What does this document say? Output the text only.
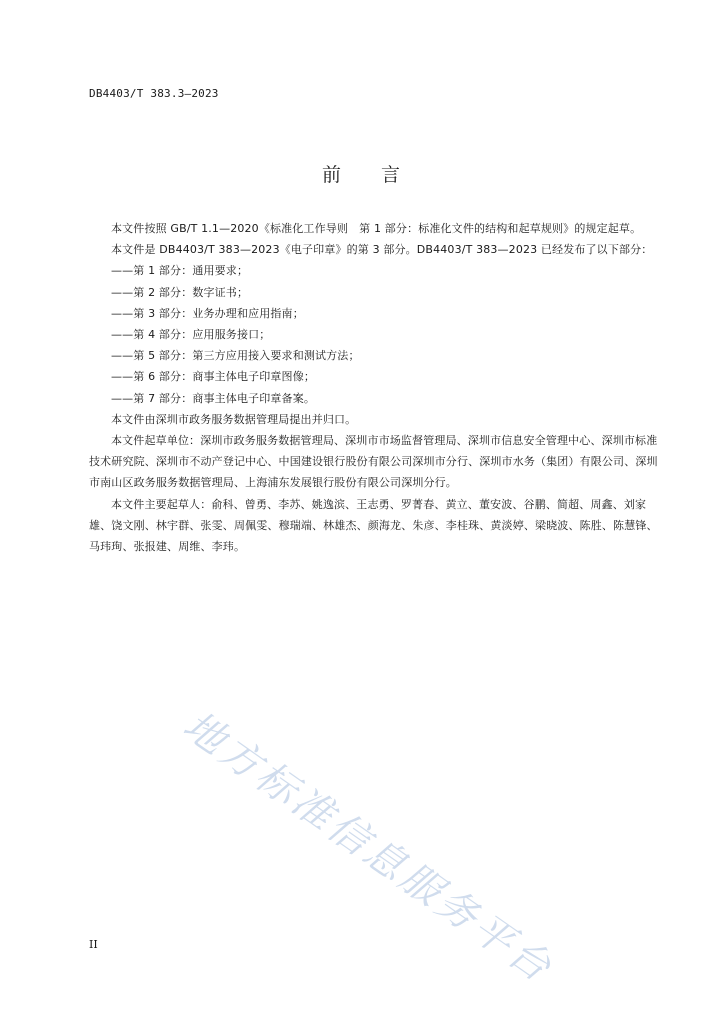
DB4403/T 383.3—2023
前 言

本文件按照 GB/T 1.1—2020《标准化工作导则　第 1 部分：标准化文件的结构和起草规则》的规定起草。

本文件是 DB4403/T 383—2023《电子印章》的第 3 部分。DB4403/T 383—2023 已经发布了以下部分：

——第 1 部分：通用要求；

——第 2 部分：数字证书；

——第 3 部分：业务办理和应用指南；

——第 4 部分：应用服务接口；

——第 5 部分：第三方应用接入要求和测试方法；

——第 6 部分：商事主体电子印章图像；

——第 7 部分：商事主体电子印章备案。

本文件由深圳市政务服务数据管理局提出并归口。

本文件起草单位：深圳市政务服务数据管理局、深圳市市场监督管理局、深圳市信息安全管理中心、深圳市标准技术研究院、深圳市不动产登记中心、中国建设银行股份有限公司深圳市分行、深圳市水务（集团）有限公司、深圳市南山区政务服务数据管理局、上海浦东发展银行股份有限公司深圳分行。

本文件主要起草人：俞科、曾勇、李苏、姚逸滨、王志勇、罗菁春、黄立、董安波、谷鹏、简超、周鑫、刘家雄、饶文刚、林宇群、张雯、周佩雯、穆瑞端、林雄杰、颜海龙、朱彦、李桂珠、黄淡婷、梁晓波、陈胜、陈慧锋、马玮珣、张报建、周维、李玮。

地方标准信息服务平台
II
